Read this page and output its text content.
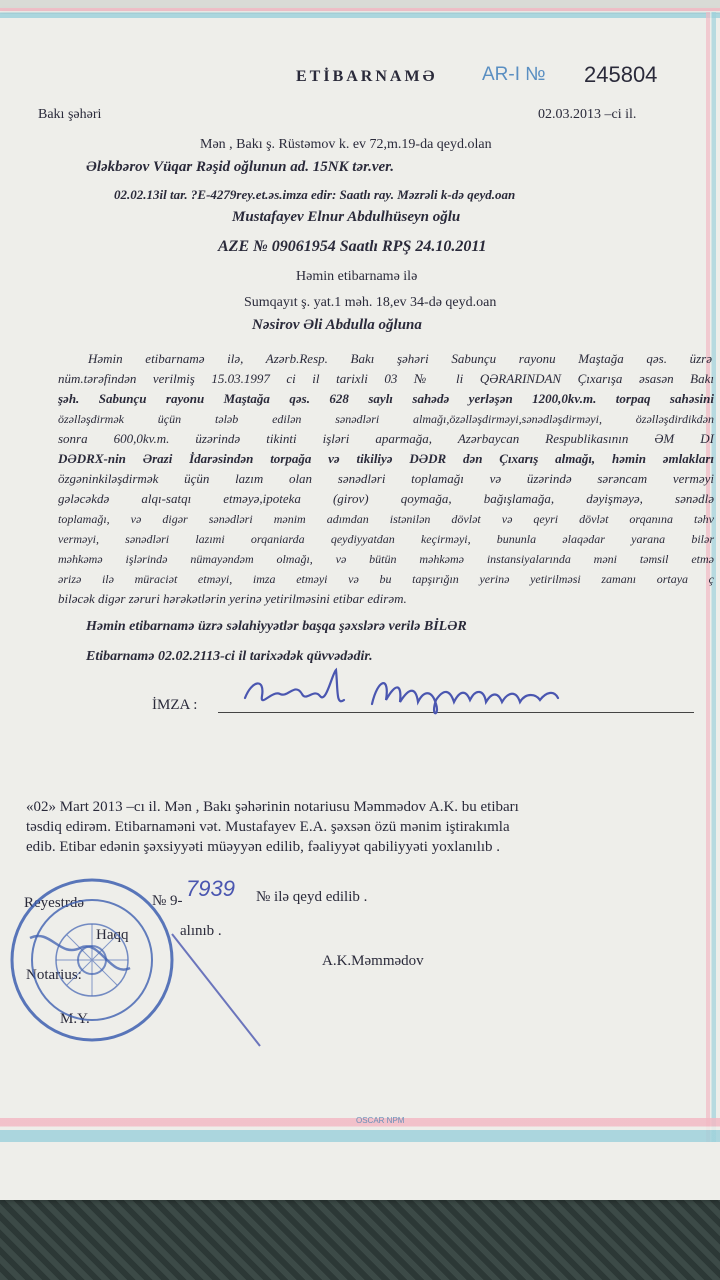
ETİBARNAMƏ AR-I № 245804
Bakı şəhəri	02.03.2013 –ci il.
Mən , Bakı ş. Rüstəmov k. ev 72,m.19-da qeyd.olan
Ələkbərov Vüqar Rəşid oğlunun ad. 15NK tər.ver.
02.02.13il tar. ?E-4279rey.et.əs.imza edir: Saatlı ray. Məzrəli k-də qeyd.oan
Mustafayev Elnur Abdulhüseyn oğlu
AZE № 09061954 Saatlı RPŞ 24.10.2011
Həmin etibarnamə ilə
Sumqayıt ş. yat.1 məh. 18,ev 34-də qeyd.oan
Nəsirov Əli Abdulla oğluna
Həmin etibarnamə ilə, Azərb.Resp. Bakı şəhəri Sabunçu rayonu Maştağa qəs. üzrə
nüm.tərəfindən verilmiş 15.03.1997 ci il tarixli 03 № li QƏRARINDAN Çıxarışa əsasən Bakı
şəh. Sabunçu rayonu Maştağa qəs. 628 saylı sahədə yerləşən 1200,0kv.m. torpaq sahəsini
özəlləşdirmək üçün tələb edilən sənədləri almağı,özəlləşdirməyi,sənədləşdirməyi, özəlləşdirdikdən
sonra 600,0kv.m. üzərində tikinti işləri aparmağa, Azərbaycan Respublikasının ƏM DI
DƏDRX-nin Ərazi İdarəsindən torpağa və tikiliyə DƏDR dən Çıxarış almağı, həmin əmlakları
özgəninkiləşdirmək üçün lazım olan sənədləri toplamağı və üzərində sərəncam verməyi
gələcəkdə alqı-satqı etməyə,ipoteka (girov) qoymağa, bağışlamağa, dəyişməyə, sənədlə
toplamağı, və digər sənədləri mənim adımdan istənilən dövlət və qeyri dövlət orqanına təhv
verməyi, sənədləri lazımi orqaniarda qeydiyyatdan keçirməyi, bununla əlaqədar yarana bilər
məhkəmə işlərində nümayəndəm olmağı, və bütün məhkəmə instansiyalarında məni təmsil etmə
ərizə ilə müraciət etməyi, imza etməyi və bu tapşırığın yerinə yetirilməsi zamanı ortaya ç
biləcək digər zəruri hərəkətlərin yerinə yetirilməsini etibar edirəm.
Həmin etibarnamə üzrə səlahiyyətlər başqa şəxslərə verilə BİLƏR
Etibarnamə 02.02.2113-ci il tarixədək qüvvədədir.
İMZA :
«02» Mart 2013 –cı il. Mən , Bakı şəhərinin notariusu Məmmədov A.K. bu etibarı
təsdiq edirəm. Etibarnaməni vət. Mustafayev E.A. şəxsən özü mənim iştirakımla
edib. Etibar edənin şəxsiyyəti müəyyən edilib, fəaliyyət qabiliyyəti yoxlanılıb .
Reyestrdə	№ 9- 7939 № ilə qeyd edilib .
Haqq	alınıb .
Notarius:
A.K.Məmmədov
M.Y.
OSCAR NPM
